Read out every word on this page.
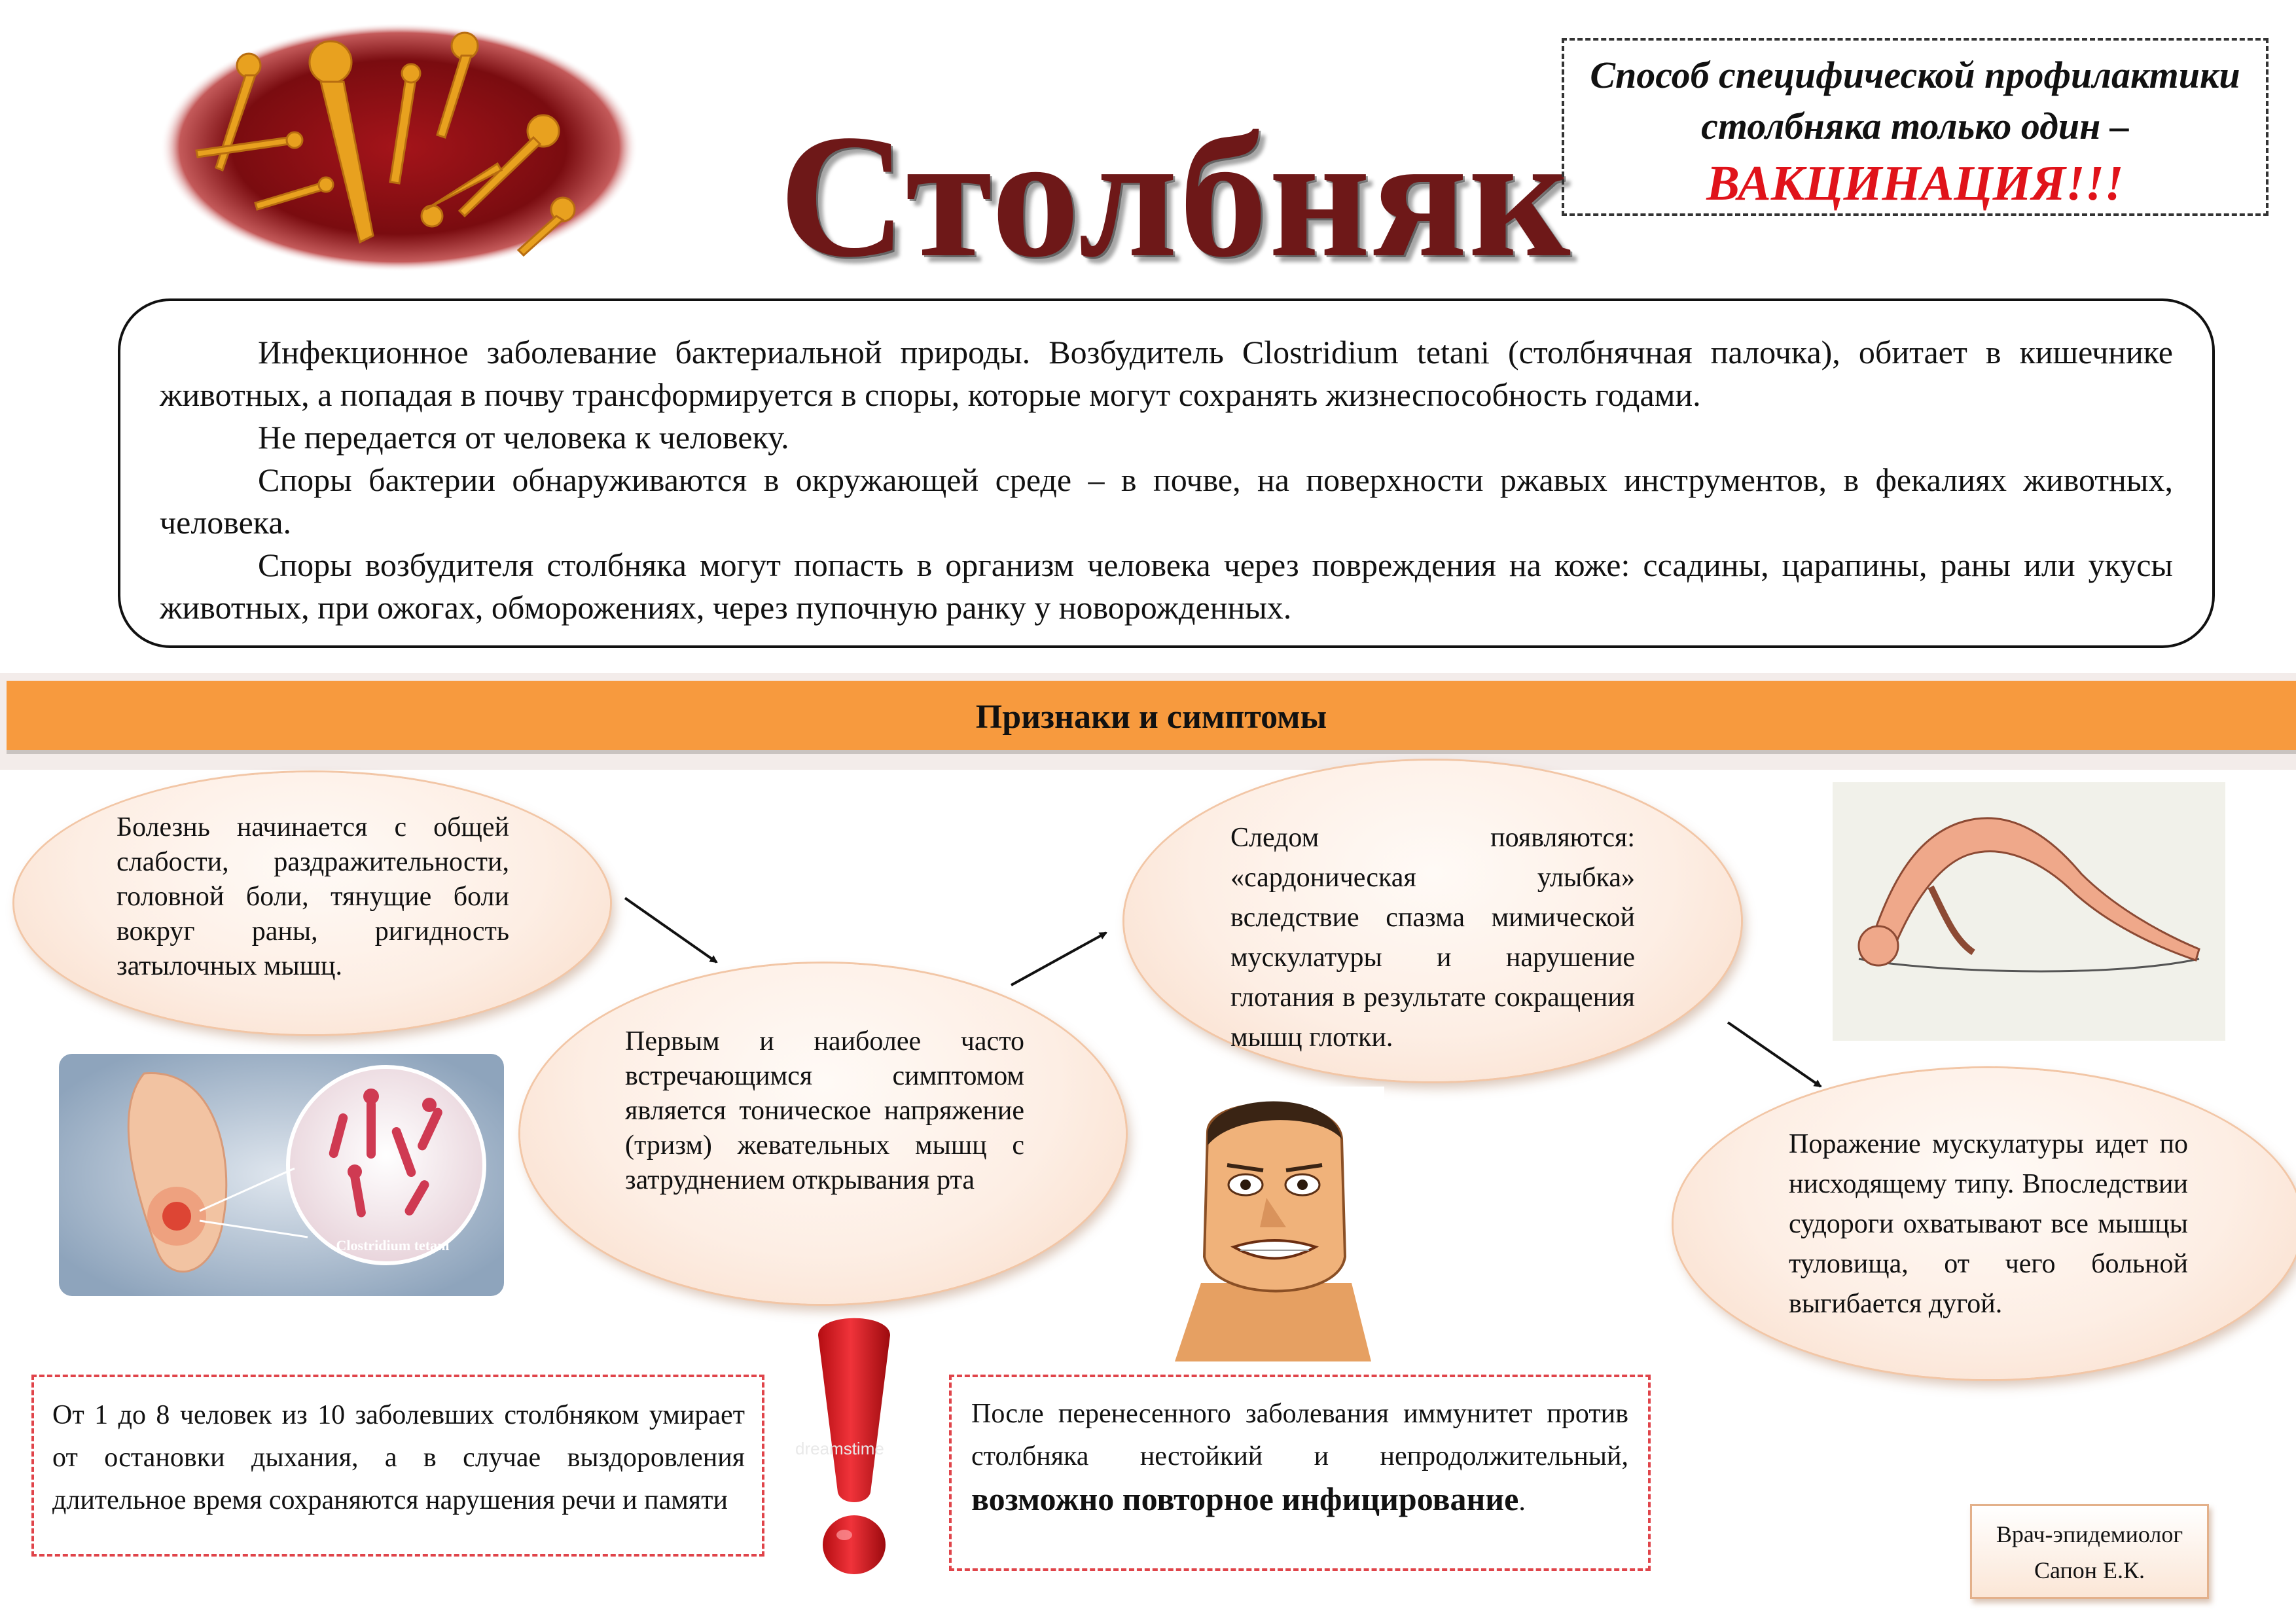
Столбняк
Способ специфической профилактики
столбняка только один –
ВАКЦИНАЦИЯ!!!

Инфекционное заболевание бактериальной природы. Возбудитель Clostridium tetani (столбнячная палочка), обитает в кишечнике животных, а попадая в почву трансформируется в споры, которые могут сохранять жизнеспособность годами.

Не передается от человека к человеку.

Споры бактерии обнаруживаются в окружающей среде – в почве, на поверхности ржавых инструментов, в фекалиях животных, человека.

Споры возбудителя столбняка могут попасть в организм человека через повреждения на коже: ссадины, царапины, раны или укусы животных, при ожогах, обморожениях, через пупочную ранку у новорожденных.

Признаки и симптомы
Болезнь начинается с общей слабости, раздражительности, головной боли, тянущие боли вокруг раны, ригидность затылочных мышц.
Первым и наиболее часто встречающимся симптомом является тоническое напряжение (тризм) жевательных мышц с затруднением открывания рта
Следом появляются: «сардоническая улыбка» вследствие спазма мимической мускулатуры и нарушение глотания в результате сокращения мышц глотки.
Поражение мускулатуры идет по нисходящему типу. Впоследствии судороги охватывают все мышцы туловища, от чего больной выгибается дугой.
Clostridium tetani
dreamstime
От 1 до 8 человек из 10 заболевших столбняком умирает от остановки дыхания, а в случае выздоровления длительное время сохраняются нарушения речи и памяти
После перенесенного заболевания иммунитет против столбняка нестойкий и непродолжительный, возможно повторное инфицирование.
Врач-эпидемиолог
Сапон Е.К.
